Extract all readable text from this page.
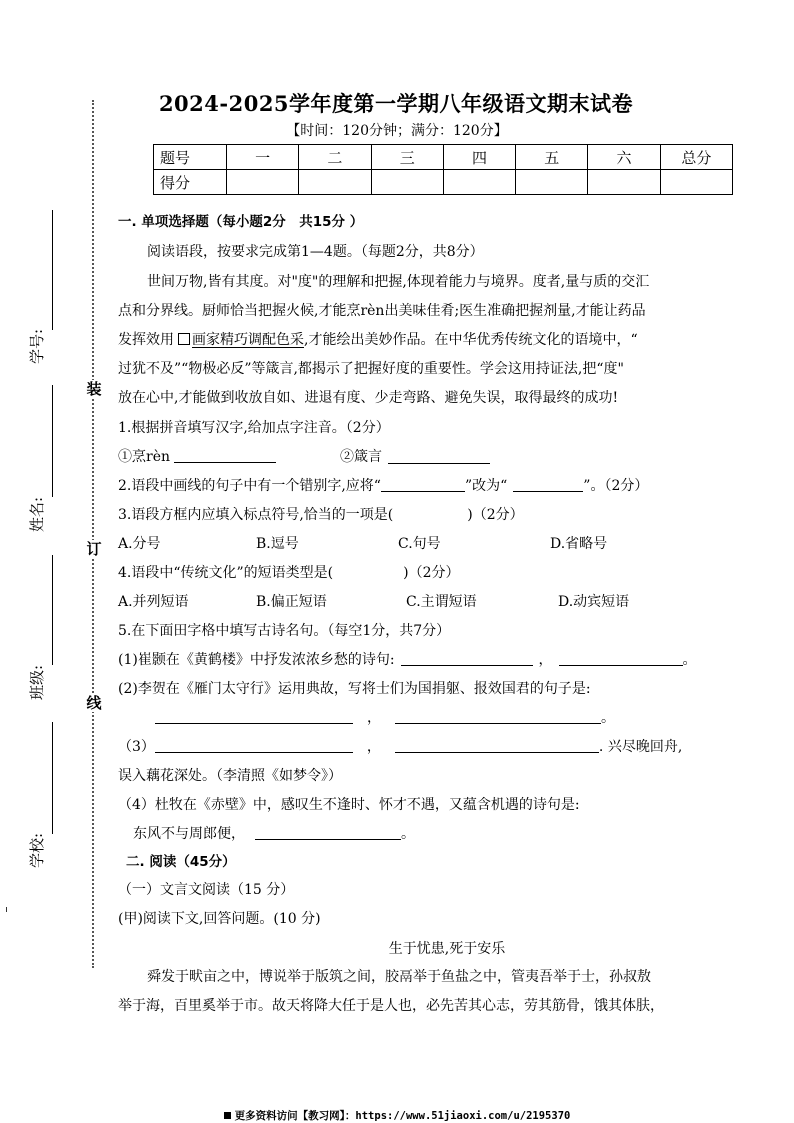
装
订
线
学号:
姓名:
班级:
学校:
2024-2025学年度第一学期八年级语文期末试卷
【时间：120分钟；满分：120分】
题号	一	二	三	四	五	六	总分
得分							
一. 单项选择题（每小题2分　共15分 ）
阅读语段，按要求完成第1—4题。（每题2分，共8分）
世间万物,皆有其度。对"度"的理解和把握,体现着能力与境界。度者,量与质的交汇
点和分界线。厨师恰当把握火候,才能烹rèn出美味佳肴;医生准确把握剂量,才能让药品
发挥效用 画家精巧调配色采,才能绘出美妙作品。在中华优秀传统文化的语境中，“
过犹不及”“物极必反”等箴言,都揭示了把握好度的重要性。学会这用持证法,把“度"
放在心中,才能做到收放自如、进退有度、少走弯路、避免失误，取得最终的成功!
1.根据拼音填写汉字,给加点字注音。（2分）
①烹rèn	②箴言
2.语段中画线的句子中有一个错别字,应将“	”改为“	”。（2分）
3.语段方框内应填入标点符号,恰当的一项是(	)（2分）
A.分号	B.逗号	C.句号	D.省略号
4.语段中“传统文化”的短语类型是(	)（2分）
A.并列短语	B.偏正短语	C.主谓短语	D.动宾短语
5.在下面田字格中填写古诗名句。（每空1分，共7分）
(1)崔颢在《黄鹤楼》中抒发浓浓乡愁的诗句:	，	。
(2)李贺在《雁门太守行》运用典故，写将士们为国捐躯、报效国君的句子是:
，	。
（3）	，	. 兴尽晚回舟,
误入藕花深处。（李清照《如梦令》）
（4）杜牧在《赤壁》中，感叹生不逢时、怀才不遇，又蕴含机遇的诗句是:
东风不与周郎便，	。
二. 阅读（45分）
（一）文言文阅读（15 分）
(甲)阅读下文,回答问题。(10 分)
生于忧患,死于安乐
舜发于畎亩之中，博说举于版筑之间，胶鬲举于鱼盐之中，管夷吾举于士，孙叔敖
举于海，百里奚举于市。故天将降大任于是人也，必先苦其心志，劳其筋骨，饿其体肤，
更多资料访问【教习网】：https://www.51jiaoxi.com/u/2195370
